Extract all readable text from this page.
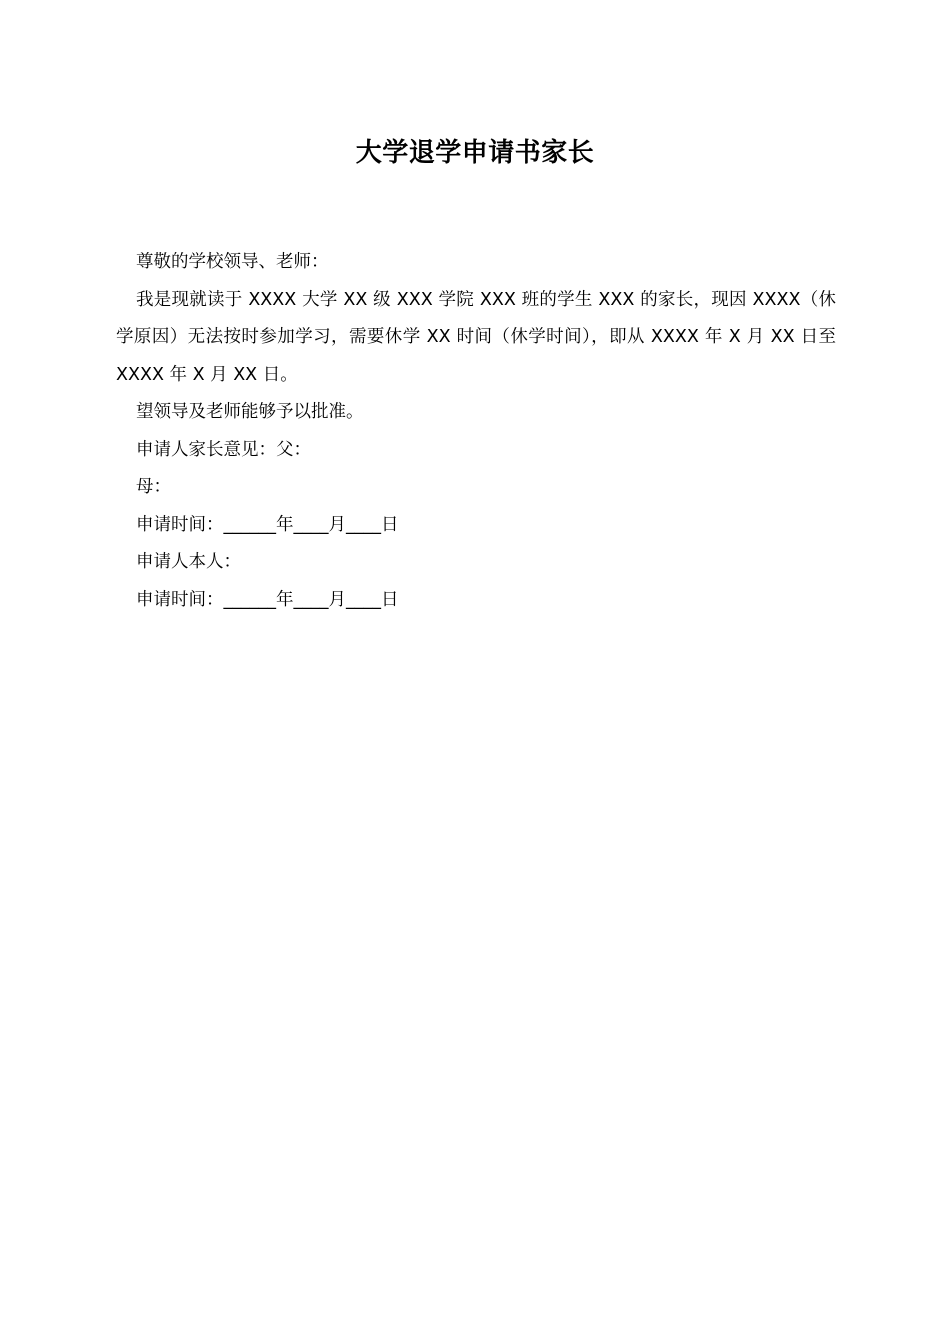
大学退学申请书家长

尊敬的学校领导、老师：

我是现就读于 XXXX 大学 XX 级 XXX 学院 XXX 班的学生 XXX 的家长，现因 XXXX（休学原因）无法按时参加学习，需要休学 XX 时间（休学时间），即从 XXXX 年 X 月 XX 日至 XXXX 年 X 月 XX 日。

望领导及老师能够予以批准。

申请人家长意见：父：

母：

申请时间：______年____月____日

申请人本人：

申请时间：______年____月____日
